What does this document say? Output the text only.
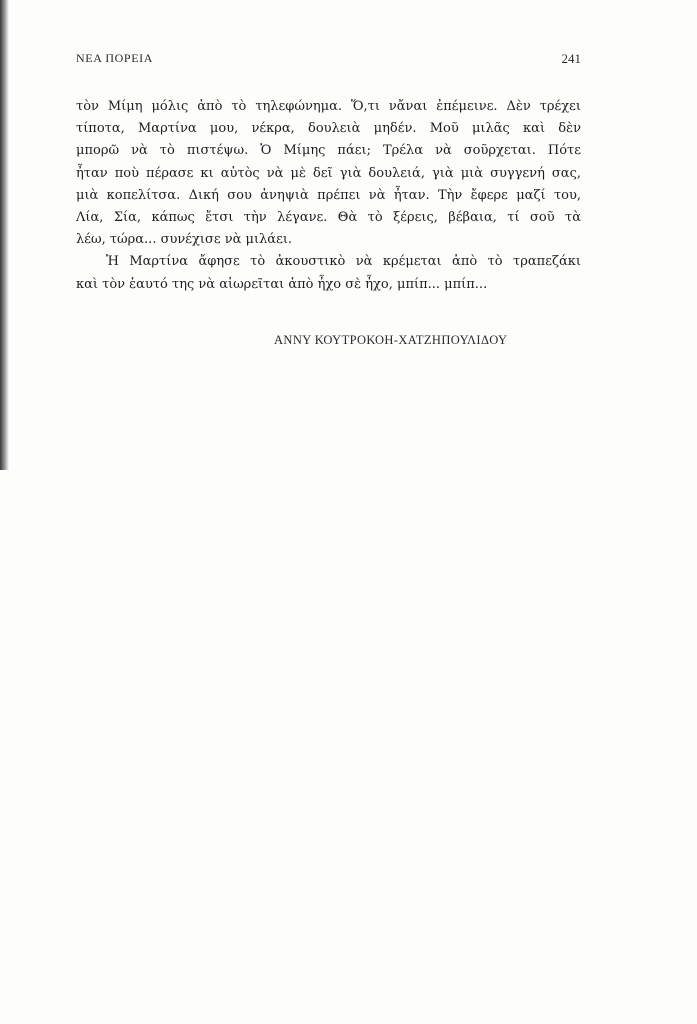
ΝΕΑ ΠΟΡΕΙΑ	241
τὸν Μίμη μόλις ἀπὸ τὸ τηλεφώνημα. Ὅ,τι νἄναι ἐπέμεινε. Δὲν τρέχει
τίποτα, Μαρτίνα μου, νέκρα, δουλειὰ μηδέν. Μοῦ μιλᾶς καὶ δὲν
μπορῶ νὰ τὸ πιστέψω. Ὁ Μίμης πάει; Τρέλα νὰ σοῦρχεται. Πότε
ἦταν ποὺ πέρασε κι αὐτὸς νὰ μὲ δεῖ γιὰ δουλειά, γιὰ μιὰ συγγενή σας,
μιὰ κοπελίτσα. Δική σου ἀνηψιὰ πρέπει νὰ ἦταν. Τὴν ἔφερε μαζί του,
Λία, Σία, κάπως ἔτσι τὴν λέγανε. Θὰ τὸ ξέρεις, βέβαια, τί σοῦ τὰ
λέω, τώρα... συνέχισε νὰ μιλάει.
Ἡ Μαρτίνα ἄφησε τὸ ἀκουστικὸ νὰ κρέμεται ἀπὸ τὸ τραπεζάκι
καὶ τὸν ἑαυτό της νὰ αἰωρεῖται ἀπὸ ἦχο σὲ ἦχο, μπίπ... μπίπ...
ΑΝΝΥ ΚΟΥΤΡΟΚΟΗ-ΧΑΤΖΗΠΟΥΛΙΔΟΥ
